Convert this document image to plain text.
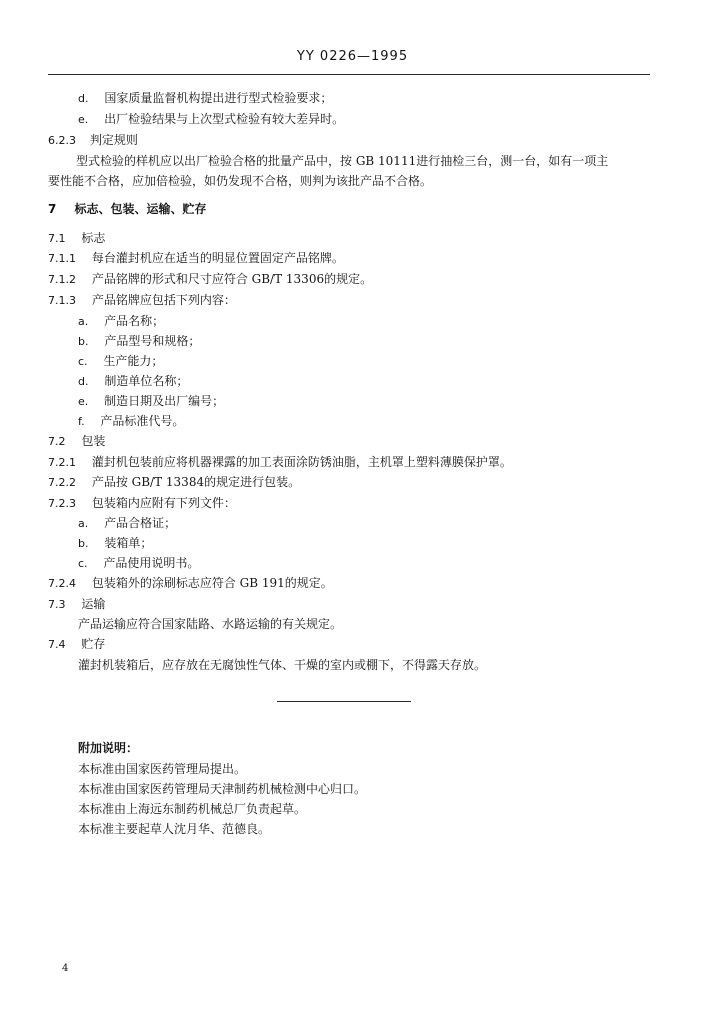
YY 0226—1995
d. 国家质量监督机构提出进行型式检验要求；
e. 出厂检验结果与上次型式检验有较大差异时。
6.2.3 判定规则
型式检验的样机应以出厂检验合格的批量产品中，按 GB 10111进行抽检三台，测一台，如有一项主
要性能不合格，应加倍检验，如仍发现不合格，则判为该批产品不合格。
7 标志、包装、运输、贮存
7.1 标志
7.1.1 每台灌封机应在适当的明显位置固定产品铭牌。
7.1.2 产品铭牌的形式和尺寸应符合 GB/T 13306的规定。
7.1.3 产品铭牌应包括下列内容：
a. 产品名称；
b. 产品型号和规格；
c. 生产能力；
d. 制造单位名称；
e. 制造日期及出厂编号；
f. 产品标准代号。
7.2 包装
7.2.1 灌封机包装前应将机器裸露的加工表面涂防锈油脂，主机罩上塑料薄膜保护罩。
7.2.2 产品按 GB/T 13384的规定进行包装。
7.2.3 包装箱内应附有下列文件：
a. 产品合格证；
b. 装箱单；
c. 产品使用说明书。
7.2.4 包装箱外的涂刷标志应符合 GB 191的规定。
7.3 运输
产品运输应符合国家陆路、水路运输的有关规定。
7.4 贮存
灌封机装箱后，应存放在无腐蚀性气体、干燥的室内或棚下，不得露天存放。
附加说明：
本标准由国家医药管理局提出。
本标准由国家医药管理局天津制药机械检测中心归口。
本标准由上海远东制药机械总厂负责起草。
本标准主要起草人沈月华、范德良。
4
